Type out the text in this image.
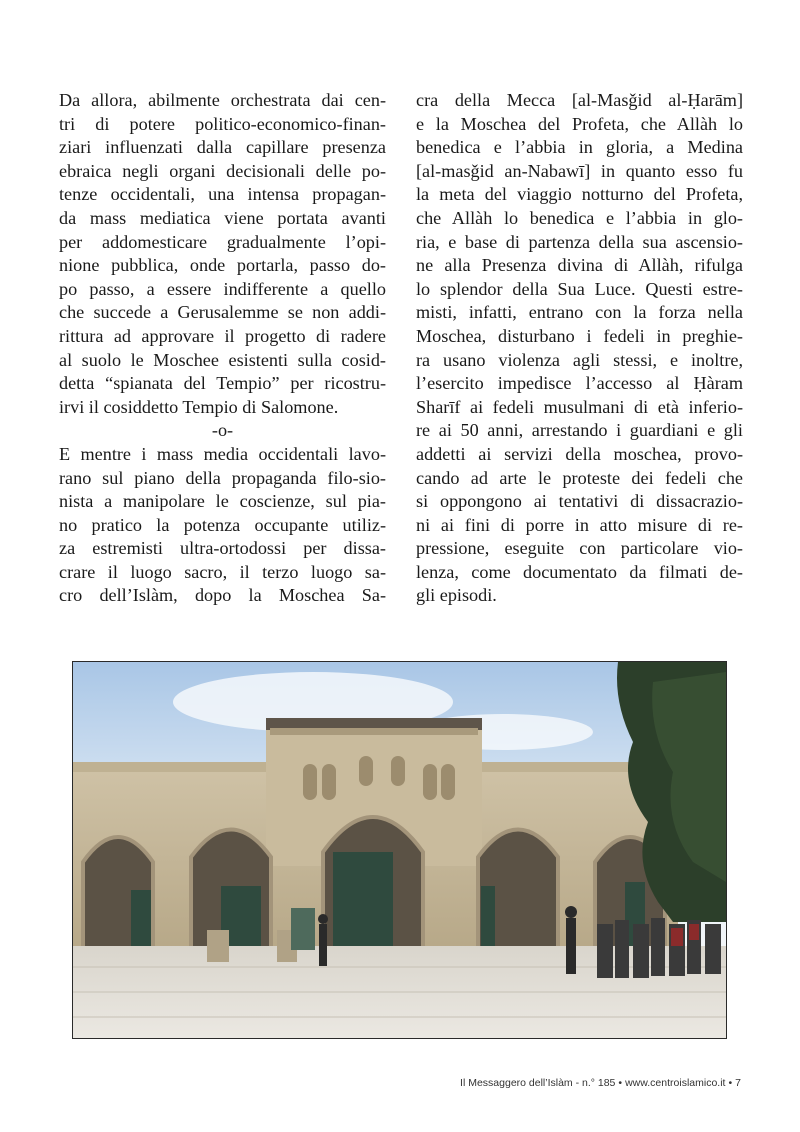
Da allora, abilmente orchestrata dai cen-
tri di potere politico-economico-finan-
ziari influenzati dalla capillare presenza
ebraica negli organi decisionali delle po-
tenze occidentali, una intensa propagan-
da mass mediatica viene portata avanti
per addomesticare gradualmente l’opi-
nione pubblica, onde portarla, passo do-
po passo, a essere indifferente a quello
che succede a Gerusalemme se non addi-
rittura ad approvare il progetto di radere
al suolo le Moschee esistenti sulla cosid-
detta “spianata del Tempio” per ricostru-
irvi il cosiddetto Tempio di Salomone.
-o-
E mentre i mass media occidentali lavo-
rano sul piano della propaganda filo-sio-
nista a manipolare le coscienze, sul pia-
no pratico la potenza occupante utiliz-
za estremisti ultra-ortodossi per dissa-
crare il luogo sacro, il terzo luogo sa-
cro dell’Islàm, dopo la Moschea Sa-
cra della Mecca [al-Masǧid al-Ḥarām]
e la Moschea del Profeta, che Allàh lo
benedica e l’abbia in gloria, a Medina
[al-masǧid an-Nabawī] in quanto esso fu
la meta del viaggio notturno del Profeta,
che Allàh lo benedica e l’abbia in glo-
ria, e base di partenza della sua ascensio-
ne alla Presenza divina di Allàh, rifulga
lo splendor della Sua Luce. Questi estre-
misti, infatti, entrano con la forza nella
Moschea, disturbano i fedeli in preghie-
ra usano violenza agli stessi, e inoltre,
l’esercito impedisce l’accesso al Ḥàram
Sharīf ai fedeli musulmani di età inferio-
re ai 50 anni, arrestando i guardiani e gli
addetti ai servizi della moschea, provo-
cando ad arte le proteste dei fedeli che
si oppongono ai tentativi di dissacrazio-
ni ai fini di porre in atto misure di re-
pressione, eseguite con particolare vio-
lenza, come documentato da filmati de-
gli episodi.
Il Messaggero dell’Islàm - n.° 185 • www.centroislamico.it • 7
